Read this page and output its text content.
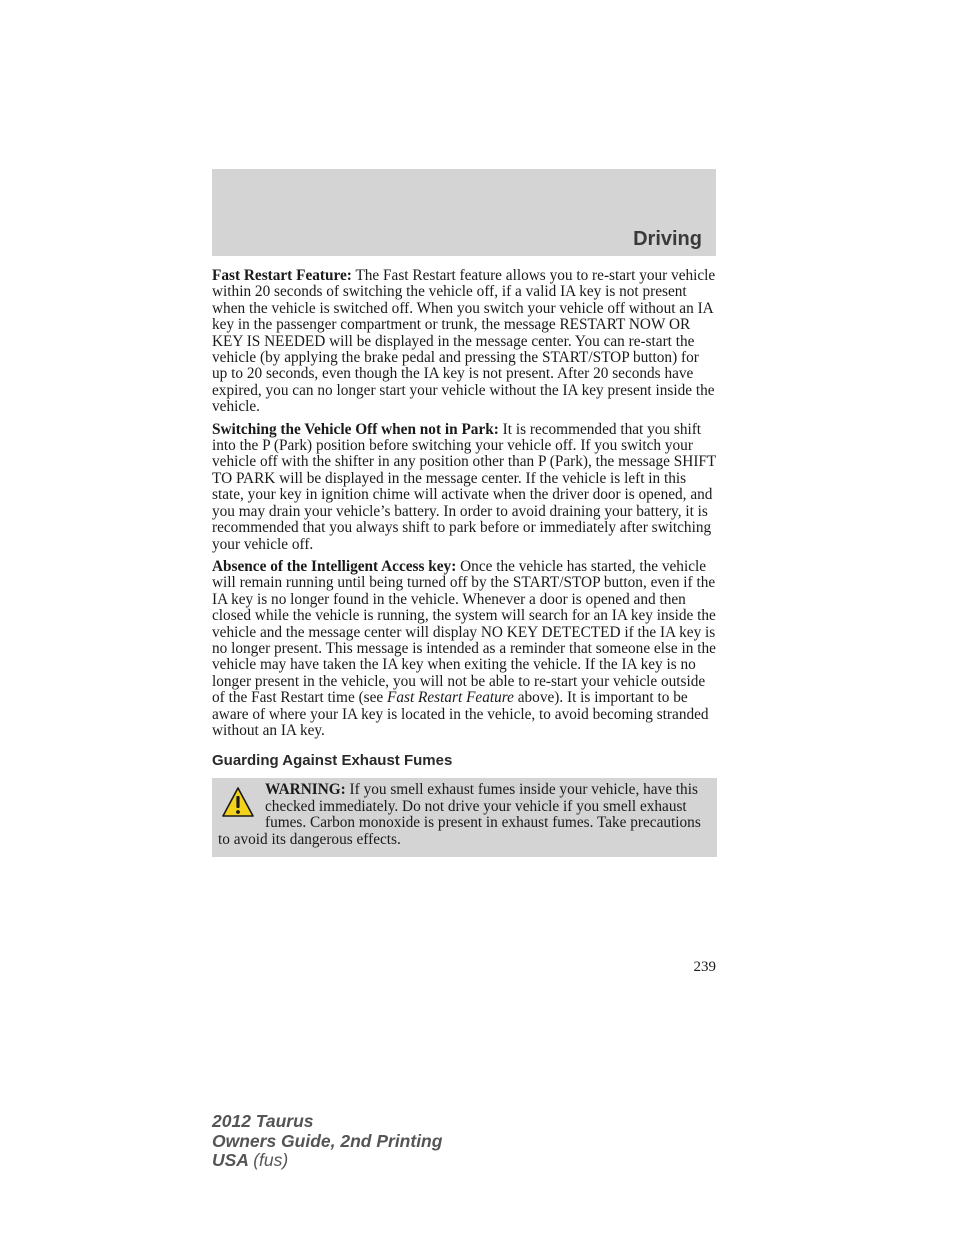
Driving

Fast Restart Feature: The Fast Restart feature allows you to re-start your vehicle within 20 seconds of switching the vehicle off, if a valid IA key is not present when the vehicle is switched off. When you switch your vehicle off without an IA key in the passenger compartment or trunk, the message RESTART NOW OR KEY IS NEEDED will be displayed in the message center. You can re-start the vehicle (by applying the brake pedal and pressing the START/STOP button) for up to 20 seconds, even though the IA key is not present. After 20 seconds have expired, you can no longer start your vehicle without the IA key present inside the vehicle.

Switching the Vehicle Off when not in Park: It is recommended that you shift into the P (Park) position before switching your vehicle off. If you switch your vehicle off with the shifter in any position other than P (Park), the message SHIFT TO PARK will be displayed in the message center. If the vehicle is left in this state, your key in ignition chime will activate when the driver door is opened, and you may drain your vehicle’s battery. In order to avoid draining your battery, it is recommended that you always shift to park before or immediately after switching your vehicle off.

Absence of the Intelligent Access key: Once the vehicle has started, the vehicle will remain running until being turned off by the START/STOP button, even if the IA key is no longer found in the vehicle. Whenever a door is opened and then closed while the vehicle is running, the system will search for an IA key inside the vehicle and the message center will display NO KEY DETECTED if the IA key is no longer present. This message is intended as a reminder that someone else in the vehicle may have taken the IA key when exiting the vehicle. If the IA key is no longer present in the vehicle, you will not be able to re-start your vehicle outside of the Fast Restart time (see Fast Restart Feature above). It is important to be aware of where your IA key is located in the vehicle, to avoid becoming stranded without an IA key.

Guarding Against Exhaust Fumes

WARNING: If you smell exhaust fumes inside your vehicle, have this checked immediately. Do not drive your vehicle if you smell exhaust fumes. Carbon monoxide is present in exhaust fumes. Take precautions to avoid its dangerous effects.

239
2012 Taurus
Owners Guide, 2nd Printing
USA (fus)
